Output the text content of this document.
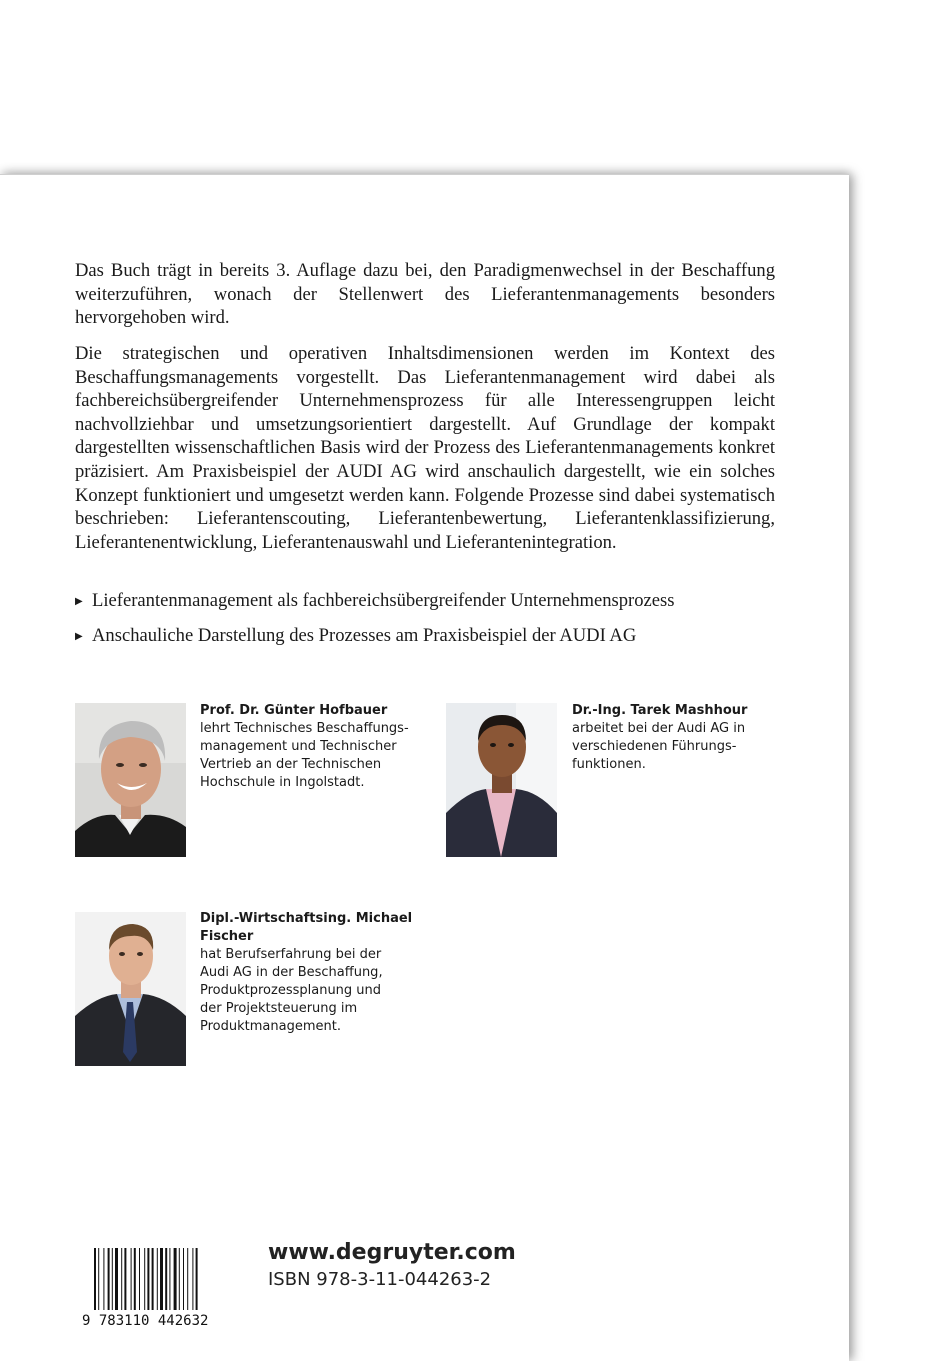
Das Buch trägt in bereits 3. Auflage dazu bei, den Paradigmenwechsel in der Beschaffung weiterzuführen, wonach der Stellenwert des Lieferantenmanagements besonders hervorgehoben wird.

Die strategischen und operativen Inhaltsdimensionen werden im Kontext des Beschaffungsmanagements vorgestellt. Das Lieferantenmanagement wird dabei als fachbereichsübergreifender Unternehmensprozess für alle Interessengruppen leicht nachvollziehbar und umsetzungsorientiert dargestellt. Auf Grundlage der kompakt dargestellten wissenschaftlichen Basis wird der Prozess des Lieferantenmanagements konkret präzisiert. Am Praxisbeispiel der AUDI AG wird anschaulich dargestellt, wie ein solches Konzept funktioniert und umgesetzt werden kann. Folgende Prozesse sind dabei systematisch beschrieben: Lieferantenscouting, Lieferantenbewertung, Lieferantenklassifizierung, Lieferantenentwicklung, Lieferantenauswahl und Lieferantenintegration.

▶ Lieferantenmanagement als fachbereichsübergreifender Unternehmensprozess
▶ Anschauliche Darstellung des Prozesses am Praxisbeispiel der AUDI AG
Prof. Dr. Günter Hofbauer
lehrt Technisches Beschaffungs-
management und Technischer
Vertrieb an der Technischen
Hochschule in Ingolstadt.
Dr.-Ing. Tarek Mashhour
arbeitet bei der Audi AG in
verschiedenen Führungs-
funktionen.
Dipl.-Wirtschaftsing. Michael
Fischer
hat Berufserfahrung bei der
Audi AG in der Beschaffung,
Produktprozessplanung und
der Projektsteuerung im
Produktmanagement.
9 783110 442632
www.degruyter.com
ISBN 978-3-11-044263-2
